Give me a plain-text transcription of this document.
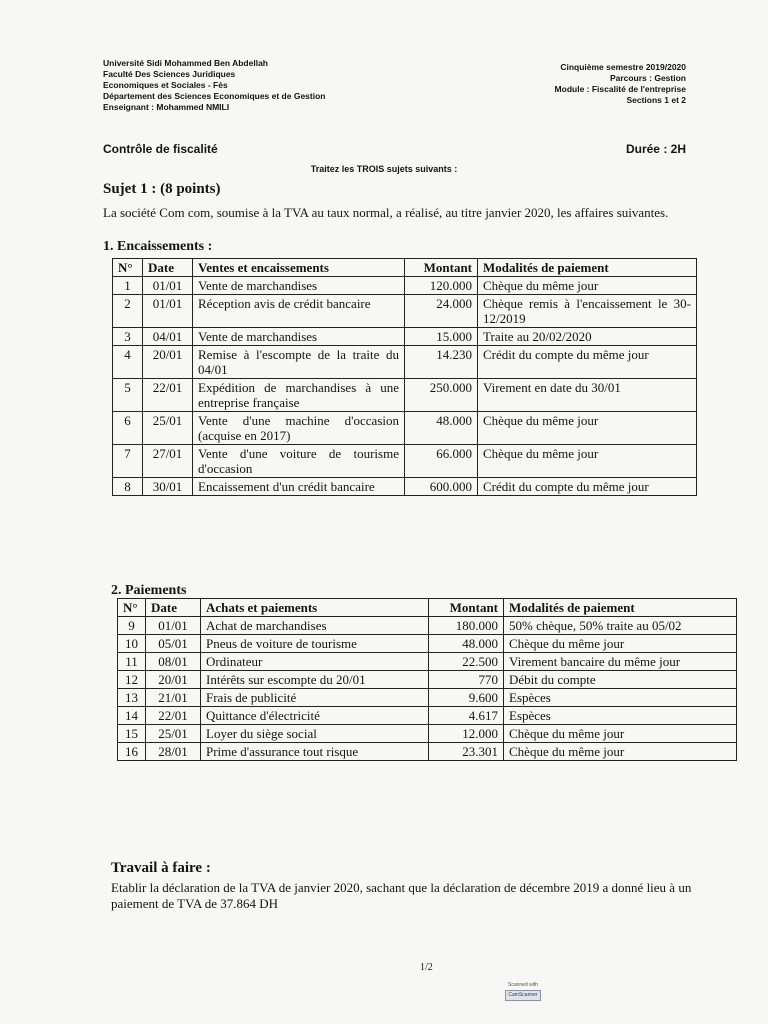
Université Sidi Mohammed Ben Abdellah
Faculté Des Sciences Juridiques
Economiques et Sociales - Fès
Département des Sciences Economiques et de Gestion
Enseignant : Mohammed NMILI
Cinquième semestre 2019/2020
Parcours : Gestion
Module : Fiscalité de l'entreprise
Sections 1 et 2
Contrôle de fiscalité	Durée : 2H
Traitez les TROIS sujets suivants :
Sujet 1 : (8 points)
La société Com com, soumise à la TVA au taux normal, a réalisé, au titre janvier 2020, les affaires suivantes.
1. Encaissements :
N°	Date	Ventes et encaissements	Montant	Modalités de paiement
1	01/01	Vente de marchandises	120.000	Chèque du même jour
2	01/01	Réception avis de crédit bancaire	24.000	Chèque remis à l'encaissement le 30-12/2019
3	04/01	Vente de marchandises	15.000	Traite au 20/02/2020
4	20/01	Remise à l'escompte de la traite du 04/01	14.230	Crédit du compte du même jour
5	22/01	Expédition de marchandises à une entreprise française	250.000	Virement en date du 30/01
6	25/01	Vente d'une machine d'occasion (acquise en 2017)	48.000	Chèque du même jour
7	27/01	Vente d'une voiture de tourisme d'occasion	66.000	Chèque du même jour
8	30/01	Encaissement d'un crédit bancaire	600.000	Crédit du compte du même jour
2. Paiements
N°	Date	Achats et paiements	Montant	Modalités de paiement
9	01/01	Achat de marchandises	180.000	50% chèque, 50% traite au 05/02
10	05/01	Pneus de voiture de tourisme	48.000	Chèque du même jour
11	08/01	Ordinateur	22.500	Virement bancaire du même jour
12	20/01	Intérêts sur escompte du 20/01	770	Débit du compte
13	21/01	Frais de publicité	9.600	Espèces
14	22/01	Quittance d'électricité	4.617	Espèces
15	25/01	Loyer du siège social	12.000	Chèque du même jour
16	28/01	Prime d'assurance tout risque	23.301	Chèque du même jour
Travail à faire :
Etablir la déclaration de la TVA de janvier 2020, sachant que la déclaration de décembre 2019 a donné lieu à un paiement de TVA de 37.864 DH
1/2
Scanned with
CamScanner
